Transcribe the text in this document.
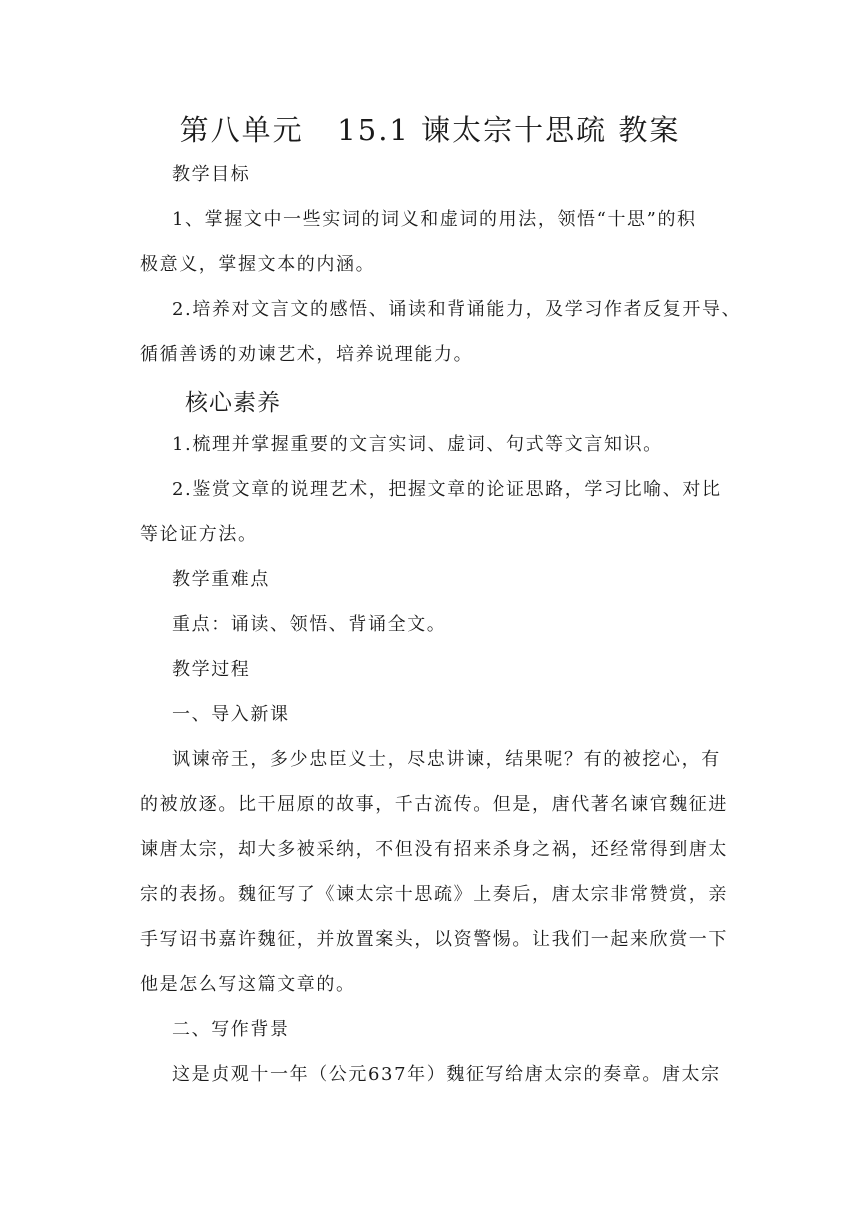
第八单元   15.1 谏太宗十思疏 教案
教学目标
1、掌握文中一些实词的词义和虚词的用法，领悟“十思”的积
极意义，掌握文本的内涵。
2.培养对文言文的感悟、诵读和背诵能力，及学习作者反复开导、
循循善诱的劝谏艺术，培养说理能力。
核心素养
1.梳理并掌握重要的文言实词、虚词、句式等文言知识。
2.鉴赏文章的说理艺术，把握文章的论证思路，学习比喻、对比
等论证方法。
教学重难点
重点：诵读、领悟、背诵全文。
教学过程
一、导入新课
讽谏帝王，多少忠臣义士，尽忠讲谏，结果呢？有的被挖心，有
的被放逐。比干屈原的故事，千古流传。但是，唐代著名谏官魏征进
谏唐太宗，却大多被采纳，不但没有招来杀身之祸，还经常得到唐太
宗的表扬。魏征写了《谏太宗十思疏》上奏后，唐太宗非常赞赏，亲
手写诏书嘉许魏征，并放置案头，以资警惕。让我们一起来欣赏一下
他是怎么写这篇文章的。
二、写作背景
这是贞观十一年（公元637年）魏征写给唐太宗的奏章。唐太宗
